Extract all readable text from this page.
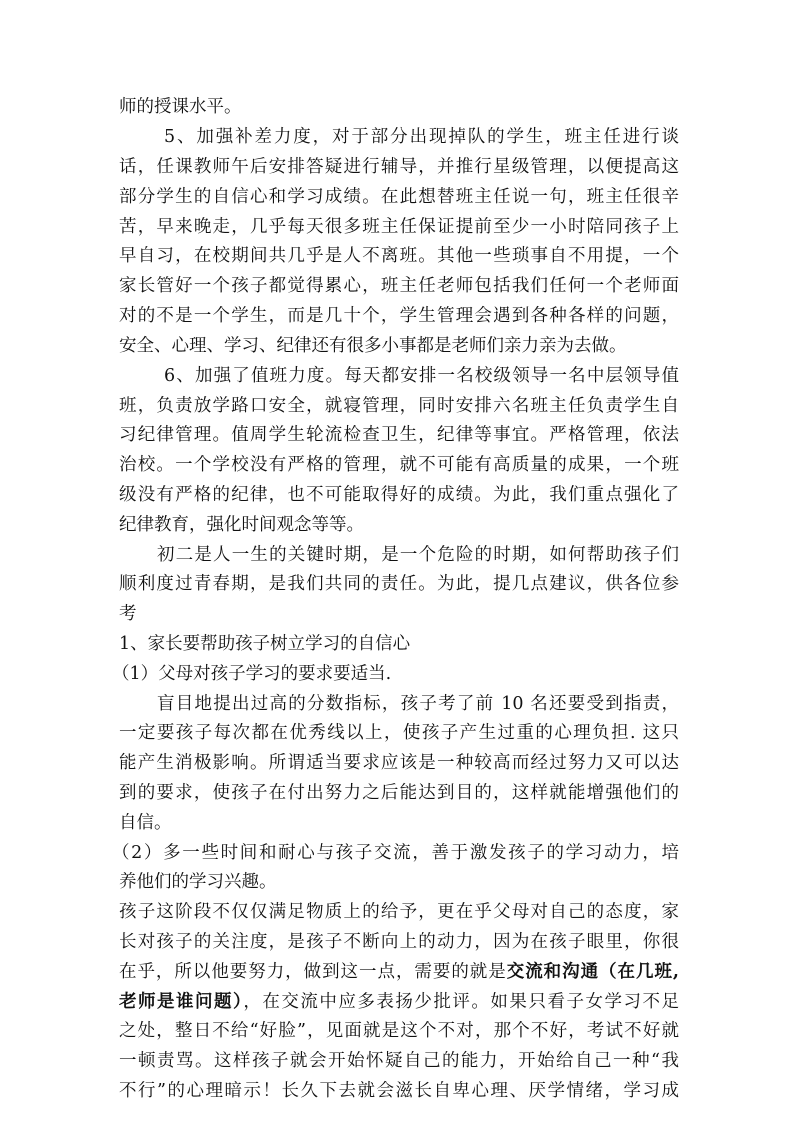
师的授课水平。
5、加强补差力度，对于部分出现掉队的学生，班主任进行谈
话，任课教师午后安排答疑进行辅导，并推行星级管理，以便提高这
部分学生的自信心和学习成绩。在此想替班主任说一句，班主任很辛
苦，早来晚走，几乎每天很多班主任保证提前至少一小时陪同孩子上
早自习，在校期间共几乎是人不离班。其他一些琐事自不用提，一个
家长管好一个孩子都觉得累心，班主任老师包括我们任何一个老师面
对的不是一个学生，而是几十个，学生管理会遇到各种各样的问题，
安全、心理、学习、纪律还有很多小事都是老师们亲力亲为去做。
6、加强了值班力度。每天都安排一名校级领导一名中层领导值
班，负责放学路口安全，就寝管理，同时安排六名班主任负责学生自
习纪律管理。值周学生轮流检查卫生，纪律等事宜。严格管理，依法
治校。一个学校没有严格的管理，就不可能有高质量的成果，一个班
级没有严格的纪律，也不可能取得好的成绩。为此，我们重点强化了
纪律教育，强化时间观念等等。
初二是人一生的关键时期，是一个危险的时期，如何帮助孩子们
顺利度过青春期，是我们共同的责任。为此，提几点建议，供各位参
考
1、家长要帮助孩子树立学习的自信心
（1）父母对孩子学习的要求要适当.
盲目地提出过高的分数指标，孩子考了前 10 名还要受到指责，
一定要孩子每次都在优秀线以上，使孩子产生过重的心理负担. 这只
能产生消极影响。所谓适当要求应该是一种较高而经过努力又可以达
到的要求，使孩子在付出努力之后能达到目的，这样就能增强他们的
自信。
（2）多一些时间和耐心与孩子交流，善于激发孩子的学习动力，培
养他们的学习兴趣。
孩子这阶段不仅仅满足物质上的给予，更在乎父母对自己的态度，家
长对孩子的关注度，是孩子不断向上的动力，因为在孩子眼里，你很
在乎，所以他要努力，做到这一点，需要的就是交流和沟通（在几班,
老师是谁问题），在交流中应多表扬少批评。如果只看子女学习不足
之处，整日不给“好脸”，见面就是这个不对，那个不好，考试不好就
一顿责骂。这样孩子就会开始怀疑自己的能力，开始给自己一种“我
不行”的心理暗示！长久下去就会滋长自卑心理、厌学情绪，学习成
